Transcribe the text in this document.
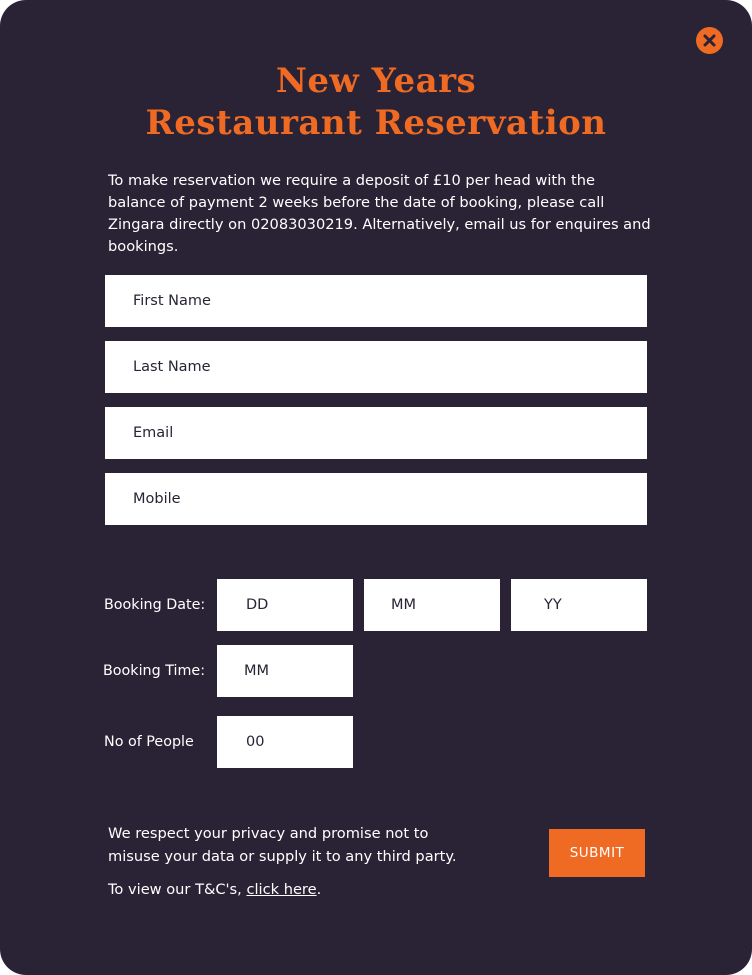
New Years
Restaurant Reservation
To make reservation we require a deposit of £10 per head with the balance of payment 2 weeks before the date of booking, please call Zingara directly on 02083030219. Alternatively, email us for enquires and bookings.
First Name
Last Name
Email
Mobile
Booking Date:
DD
MM
YY
Booking Time:
MM
No of People
00
We respect your privacy and promise not to misuse your data or supply it to any third party.
To view our T&C's, click here.
SUBMIT
